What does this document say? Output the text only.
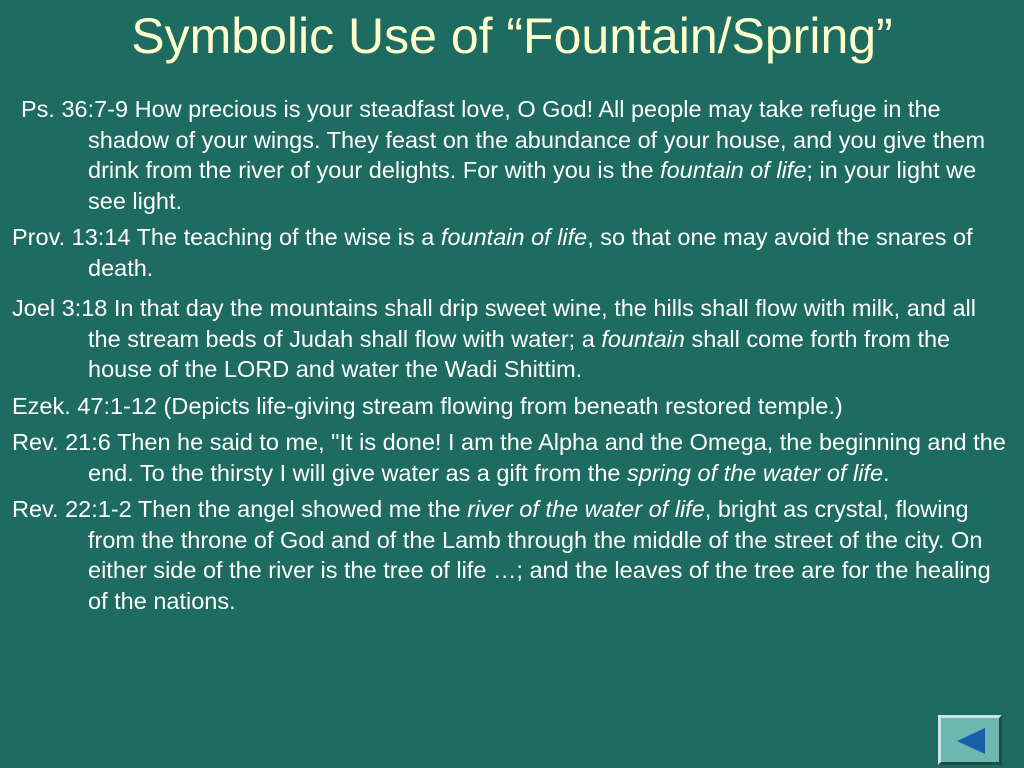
Symbolic Use of “Fountain/Spring”

Ps. 36:7-9 How precious is your steadfast love, O God! All people may take refuge in the shadow of your wings. They feast on the abundance of your house, and you give them drink from the river of your delights. For with you is the fountain of life; in your light we see light.

Prov. 13:14 The teaching of the wise is a fountain of life, so that one may avoid the snares of death.

Joel 3:18 In that day the mountains shall drip sweet wine, the hills shall flow with milk, and all the stream beds of Judah shall flow with water; a fountain shall come forth from the house of the LORD and water the Wadi Shittim.

Ezek. 47:1-12 (Depicts life-giving stream flowing from beneath restored temple.)

Rev. 21:6 Then he said to me, "It is done! I am the Alpha and the Omega, the beginning and the end. To the thirsty I will give water as a gift from the spring of the water of life.

Rev. 22:1-2 Then the angel showed me the river of the water of life, bright as crystal, flowing from the throne of God and of the Lamb through the middle of the street of the city. On either side of the river is the tree of life …; and the leaves of the tree are for the healing of the nations.
